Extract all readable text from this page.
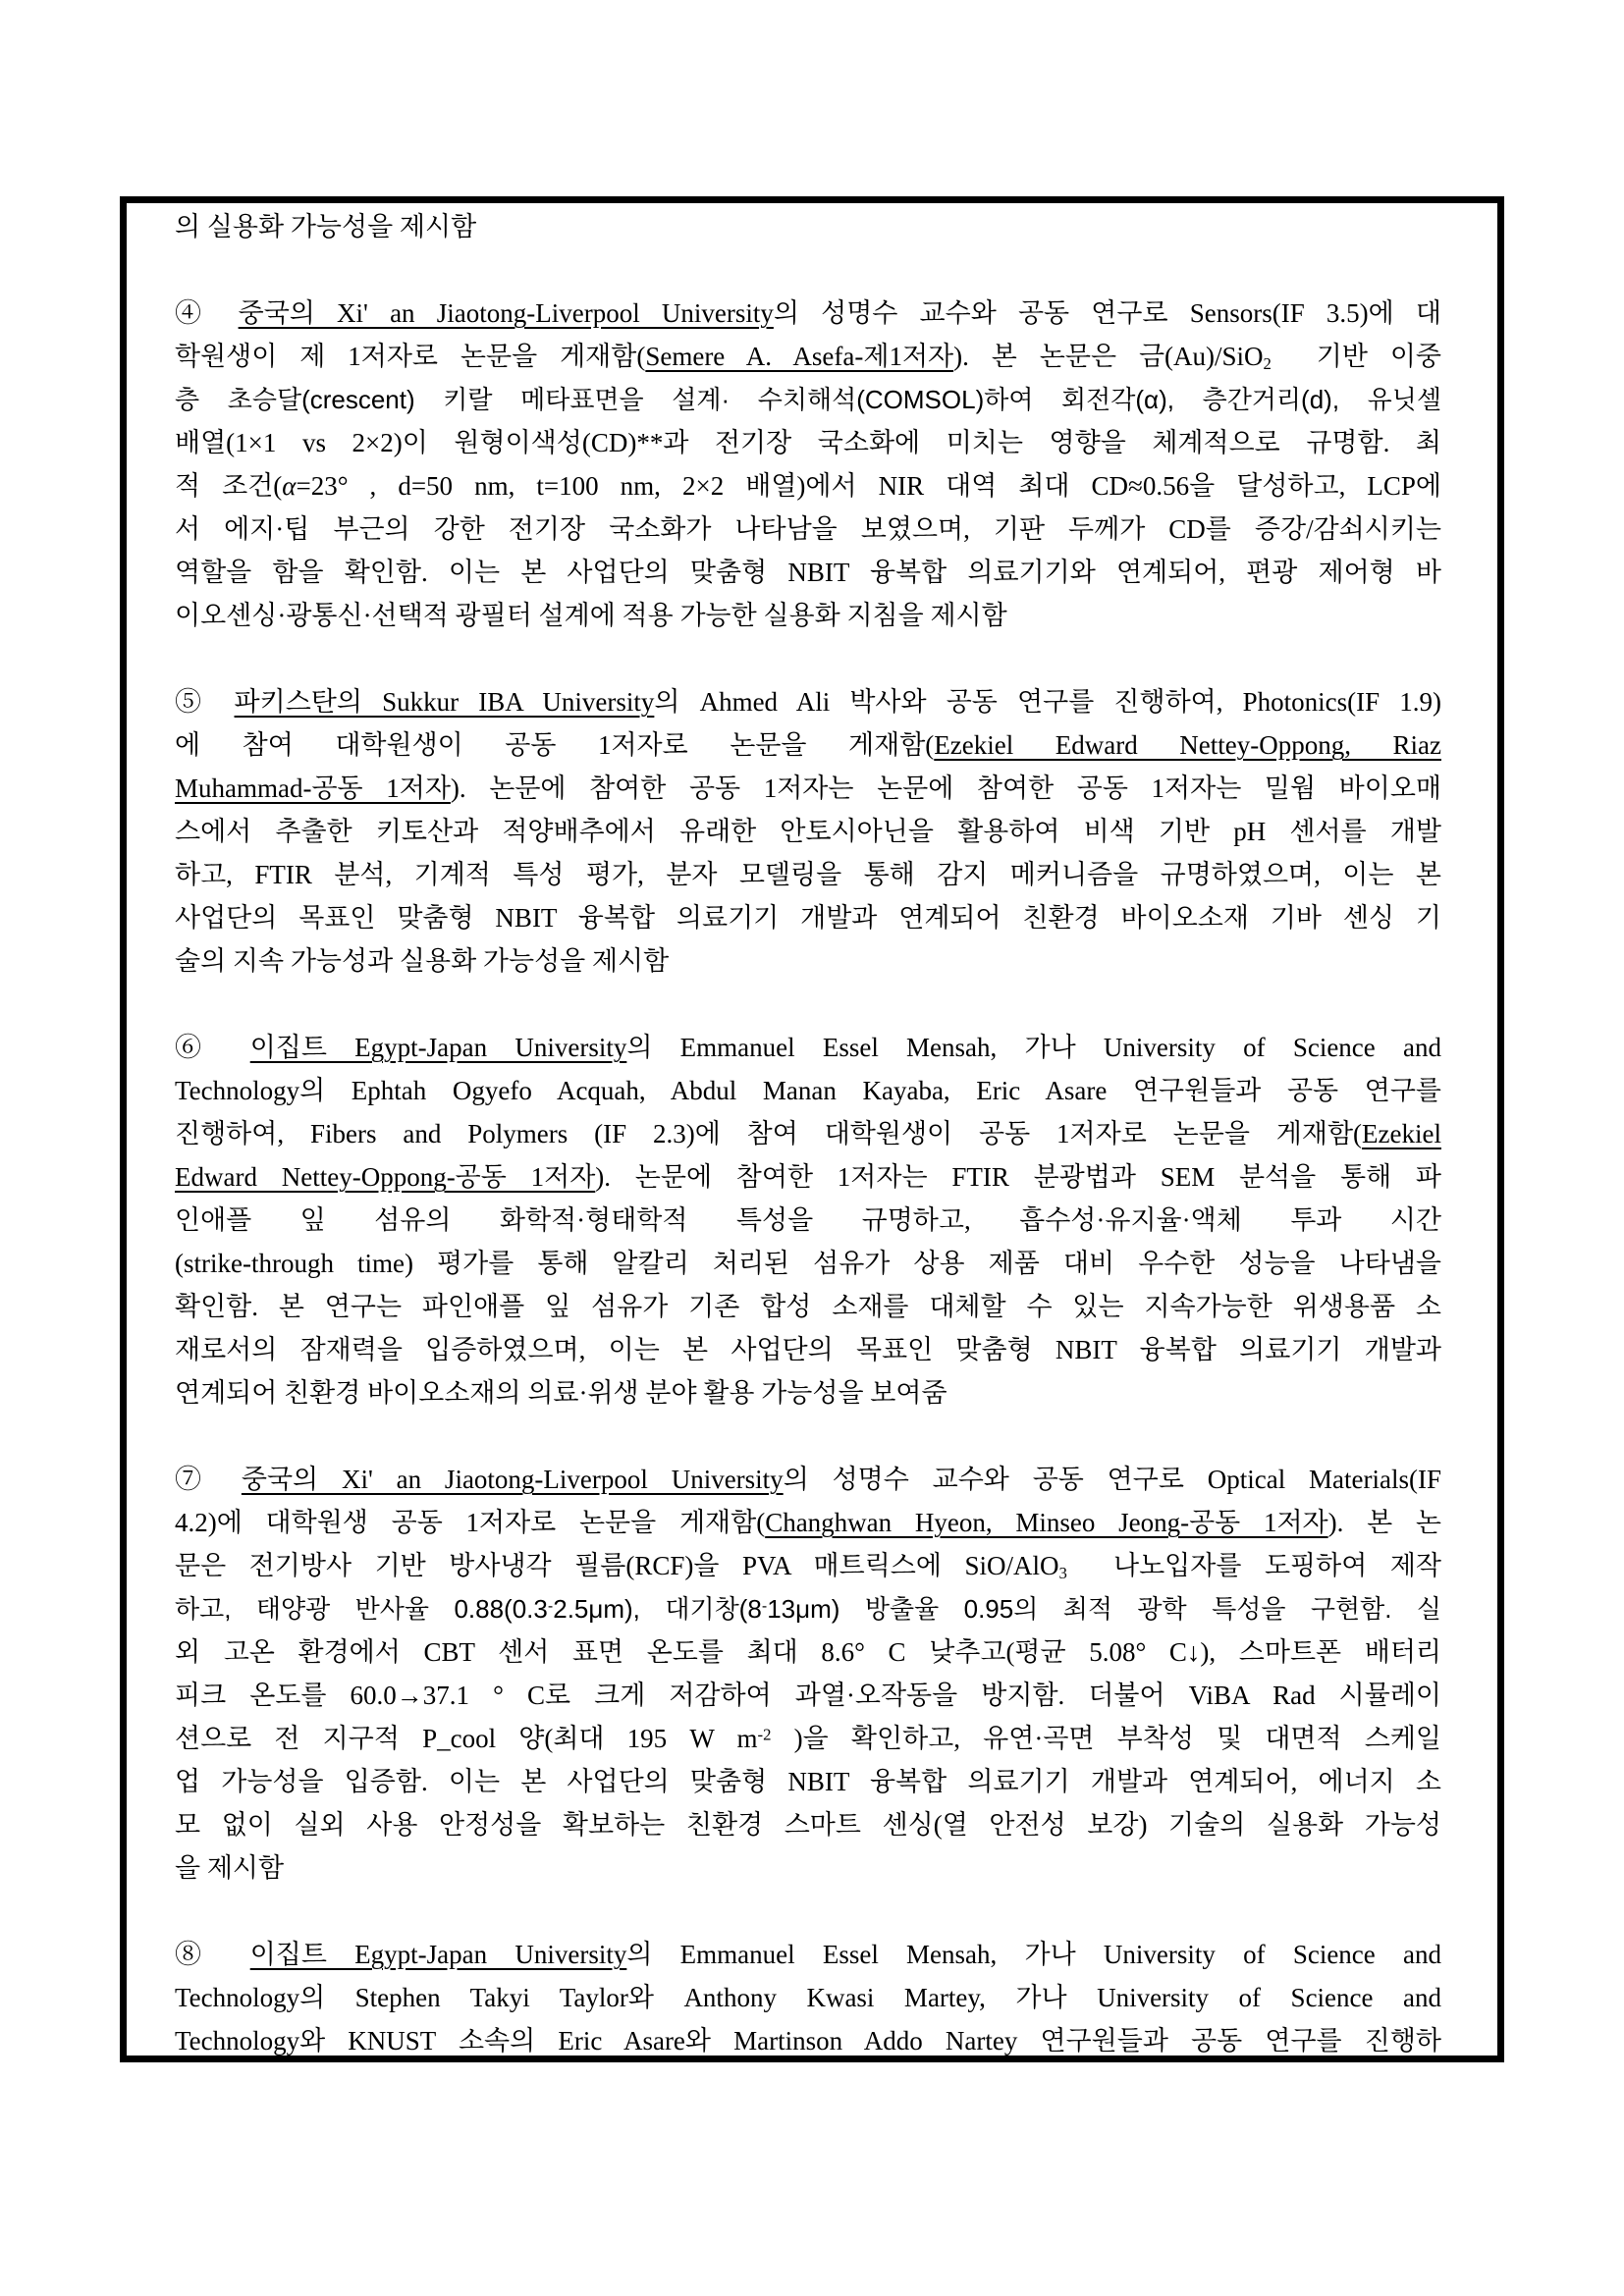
의 실용화 가능성을 제시함
④ 중국의 Xi' an Jiaotong-Liverpool University의 성명수 교수와 공동 연구로 Sensors(IF 3.5)에 대
학원생이 제 1저자로 논문을 게재함(Semere A. Asefa-제1저자). 본 논문은 금(Au)/SiO$_2$  기반 이중
층 초승달(crescent) 키랄 메타표면을 설계· 수치해석(COMSOL)하여 회전각(α), 층간거리(d), 유닛셀
배열(1×1 vs 2×2)이 원형이색성(CD)**과 전기장 국소화에 미치는 영향을 체계적으로 규명함. 최
적 조건(α=23° , d=50 nm, t=100 nm, 2×2 배열)에서 NIR 대역 최대 CD≈0.56을 달성하고, LCP에
서 에지·팁 부근의 강한 전기장 국소화가 나타남을 보였으며, 기판 두께가 CD를 증강/감쇠시키는
역할을 함을 확인함. 이는 본 사업단의 맞춤형 NBIT 융복합 의료기기와 연계되어, 편광 제어형 바
이오센싱·광통신·선택적 광필터 설계에 적용 가능한 실용화 지침을 제시함
⑤ 파키스탄의 Sukkur IBA University의 Ahmed Ali 박사와 공동 연구를 진행하여, Photonics(IF 1.9)
에 참여 대학원생이 공동 1저자로 논문을 게재함(Ezekiel Edward Nettey-Oppong, Riaz
Muhammad-공동 1저자). 논문에 참여한 공동 1저자는 논문에 참여한 공동 1저자는 밀웜 바이오매
스에서 추출한 키토산과 적양배추에서 유래한 안토시아닌을 활용하여 비색 기반 pH 센서를 개발
하고, FTIR 분석, 기계적 특성 평가, 분자 모델링을 통해 감지 메커니즘을 규명하였으며, 이는 본
사업단의 목표인 맞춤형 NBIT 융복합 의료기기 개발과 연계되어 친환경 바이오소재 기바 센싱 기
술의 지속 가능성과 실용화 가능성을 제시함
⑥ 이집트 Egypt-Japan University의 Emmanuel Essel Mensah, 가나 University of Science and
Technology의 Ephtah Ogyefo Acquah, Abdul Manan Kayaba, Eric Asare 연구원들과 공동 연구를
진행하여, Fibers and Polymers (IF 2.3)에 참여 대학원생이 공동 1저자로 논문을 게재함(Ezekiel
Edward Nettey-Oppong-공동 1저자). 논문에 참여한 1저자는 FTIR 분광법과 SEM 분석을 통해 파
인애플 잎 섬유의 화학적·형태학적 특성을 규명하고, 흡수성·유지율·액체 투과 시간
(strike-through time) 평가를 통해 알칼리 처리된 섬유가 상용 제품 대비 우수한 성능을 나타냄을
확인함. 본 연구는 파인애플 잎 섬유가 기존 합성 소재를 대체할 수 있는 지속가능한 위생용품 소
재로서의 잠재력을 입증하였으며, 이는 본 사업단의 목표인 맞춤형 NBIT 융복합 의료기기 개발과
연계되어 친환경 바이오소재의 의료·위생 분야 활용 가능성을 보여줌
⑦ 중국의 Xi' an Jiaotong-Liverpool University의 성명수 교수와 공동 연구로 Optical Materials(IF
4.2)에 대학원생 공동 1저자로 논문을 게재함(Changhwan Hyeon, Minseo Jeong-공동 1저자). 본 논
문은 전기방사 기반 방사냉각 필름(RCF)을 PVA 매트릭스에 SiO/AlO$_3$  나노입자를 도핑하여 제작
하고, 태양광 반사율 0.88(0.3-2.5μm), 대기창(8-13μm) 방출율 0.95의 최적 광학 특성을 구현함. 실
외 고온 환경에서 CBT 센서 표면 온도를 최대 8.6° C 낮추고(평균 5.08° C↓), 스마트폰 배터리
피크 온도를 60.0→37.1 ° C로 크게 저감하여 과열·오작동을 방지함. 더불어 ViBA Rad 시뮬레이
션으로 전 지구적 P_cool 양(최대 195 W $m^{-2}$ )을 확인하고, 유연·곡면 부착성 및 대면적 스케일
업 가능성을 입증함. 이는 본 사업단의 맞춤형 NBIT 융복합 의료기기 개발과 연계되어, 에너지 소
모 없이 실외 사용 안정성을 확보하는 친환경 스마트 센싱(열 안전성 보강) 기술의 실용화 가능성
을 제시함
⑧ 이집트 Egypt-Japan University의 Emmanuel Essel Mensah, 가나 University of Science and
Technology의 Stephen Takyi Taylor와 Anthony Kwasi Martey, 가나 University of Science and
Technology와 KNUST 소속의 Eric Asare와 Martinson Addo Nartey 연구원들과 공동 연구를 진행하
